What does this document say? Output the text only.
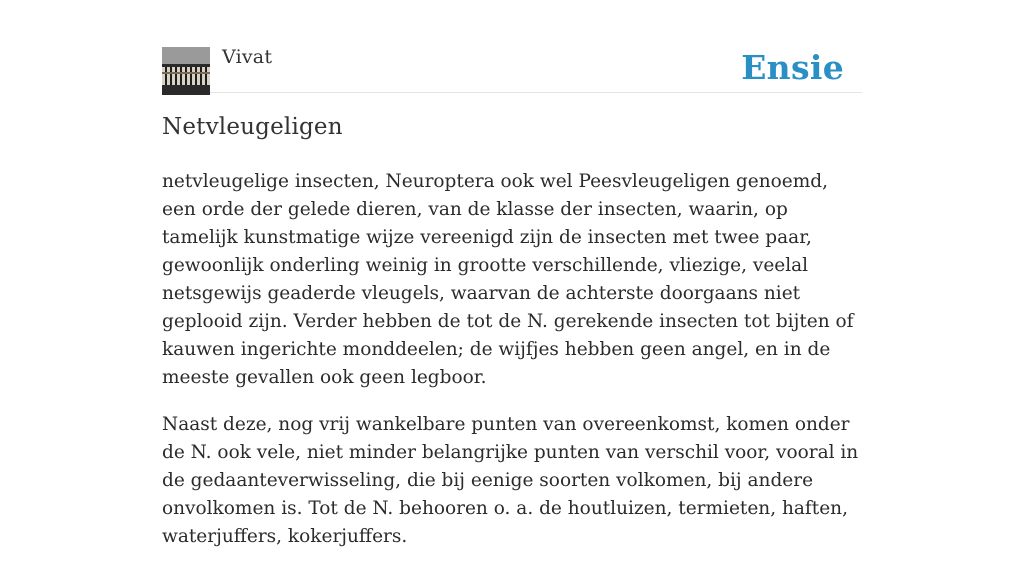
Vivat	Ensie
Netvleugeligen

netvleugelige insecten, Neuroptera ook wel Peesvleugeligen genoemd, een orde der gelede dieren, van de klasse der insecten, waarin, op tamelijk kunstmatige wijze vereenigd zijn de insecten met twee paar, gewoonlijk onderling weinig in grootte verschillende, vliezige, veelal netsgewijs geaderde vleugels, waarvan de achterste doorgaans niet geplooid zijn. Verder hebben de tot de N. gerekende insecten tot bijten of kauwen ingerichte monddeelen; de wijfjes hebben geen angel, en in de meeste gevallen ook geen legboor.

Naast deze, nog vrij wankelbare punten van overeenkomst, komen onder de N. ook vele, niet minder belangrijke punten van verschil voor, vooral in de gedaanteverwisseling, die bij eenige soorten volkomen, bij andere onvolkomen is. Tot de N. behooren o. a. de houtluizen, termieten, haften, waterjuffers, kokerjuffers.
